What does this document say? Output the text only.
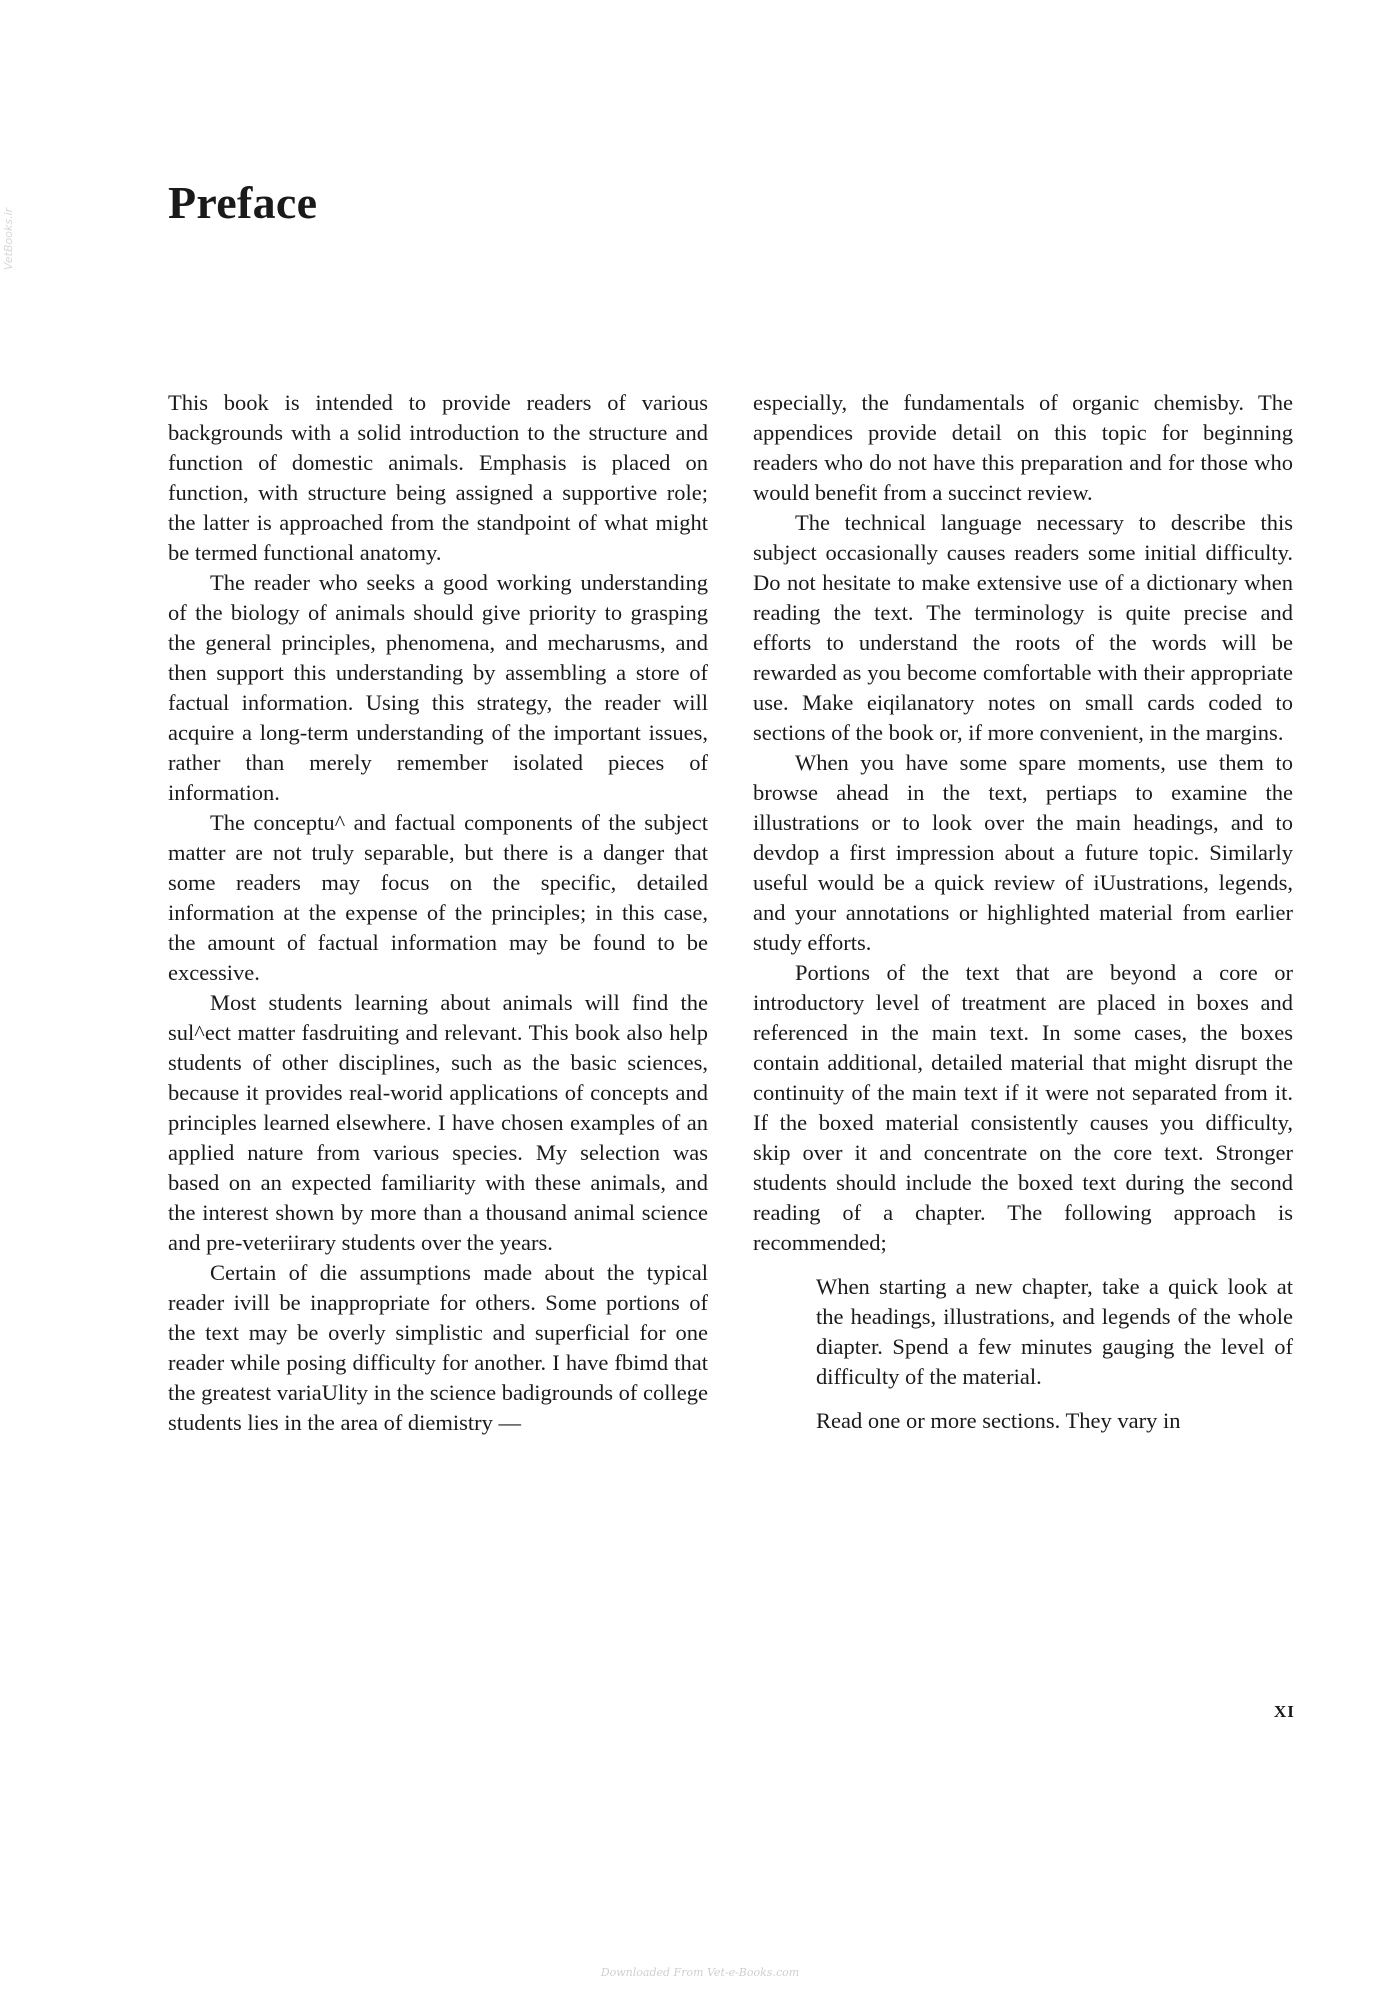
VetBooks.ir
Preface

This book is intended to provide readers of various backgrounds with a solid introduction to the structure and function of domestic animals. Emphasis is placed on function, with structure being assigned a supportive role; the latter is approached from the standpoint of what might be termed functional anatomy.

The reader who seeks a good working understanding of the biology of animals should give priority to grasping the general principles, phenomena, and mecharusms, and then support this understanding by assembling a store of factual information. Using this strategy, the reader will acquire a long-term understanding of the important issues, rather than merely remember isolated pieces of information.

The conceptu^ and factual components of the subject matter are not truly separable, but there is a danger that some readers may focus on the specific, detailed information at the expense of the principles; in this case, the amount of factual information may be found to be excessive.

Most students learning about animals will find the sul^ect matter fasdruiting and relevant. This book also help students of other disciplines, such as the basic sciences, because it provides real-worid applications of concepts and principles learned elsewhere. I have chosen examples of an applied nature from various species. My selection was based on an expected familiarity with these animals, and the interest shown by more than a thousand animal science and pre-veteriirary students over the years.

Certain of die assumptions made about the typical reader ivill be inappropriate for others. Some portions of the text may be overly simplistic and superficial for one reader while posing difficulty for another. I have fbimd that the greatest variaUlity in the science badigrounds of college students lies in the area of diemistry —

especially, the fundamentals of organic chemisby. The appendices provide detail on this topic for beginning readers who do not have this preparation and for those who would benefit from a succinct review.

The technical language necessary to describe this subject occasionally causes readers some initial difficulty. Do not hesitate to make extensive use of a dictionary when reading the text. The terminology is quite precise and efforts to understand the roots of the words will be rewarded as you become comfortable with their appropriate use. Make eiqilanatory notes on small cards coded to sections of the book or, if more convenient, in the margins.

When you have some spare moments, use them to browse ahead in the text, pertiaps to examine the illustrations or to look over the main headings, and to devdop a first impression about a future topic. Similarly useful would be a quick review of iUustrations, legends, and your annotations or highlighted material from earlier study efforts.

Portions of the text that are beyond a core or introductory level of treatment are placed in boxes and referenced in the main text. In some cases, the boxes contain additional, detailed material that might disrupt the continuity of the main text if it were not separated from it. If the boxed material consistently causes you difficulty, skip over it and concentrate on the core text. Stronger students should include the boxed text during the second reading of a chapter. The following approach is recommended;

When starting a new chapter, take a quick look at the headings, illustrations, and legends of the whole diapter. Spend a few minutes gauging the level of difficulty of the material.

Read one or more sections. They vary in

XI
Downloaded From Vet-e-Books.com
